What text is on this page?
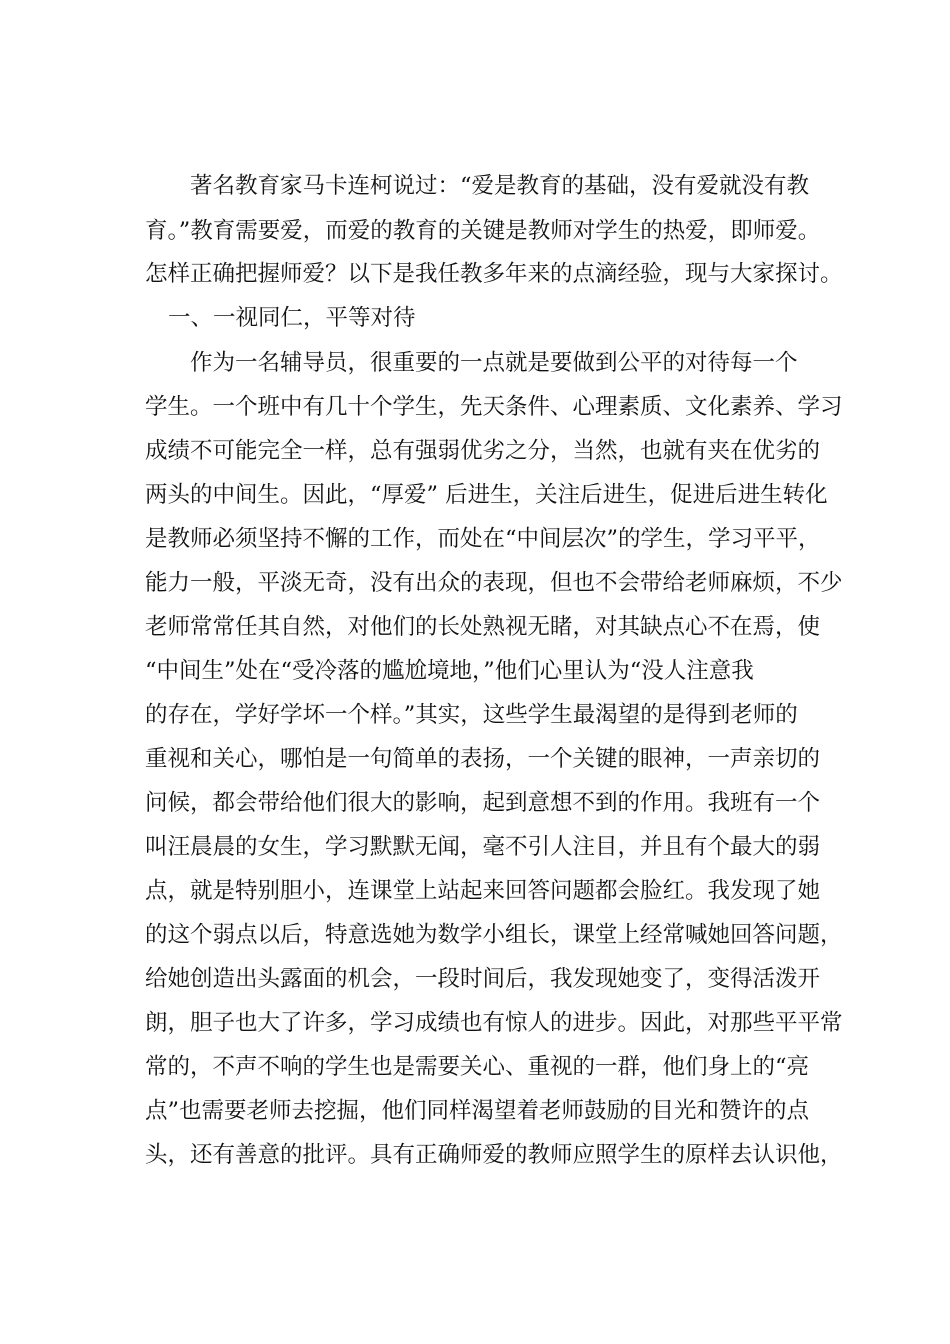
著名教育家马卡连柯说过：“爱是教育的基础，没有爱就没有教
育。”教育需要爱，而爱的教育的关键是教师对学生的热爱，即师爱。
怎样正确把握师爱？以下是我任教多年来的点滴经验，现与大家探讨。
一、一视同仁，平等对待
作为一名辅导员，很重要的一点就是要做到公平的对待每一个
学生。一个班中有几十个学生，先天条件、心理素质、文化素养、学习
成绩不可能完全一样，总有强弱优劣之分，当然，也就有夹在优劣的
两头的中间生。因此，“厚爱” 后进生，关注后进生，促进后进生转化
是教师必须坚持不懈的工作，而处在“中间层次”的学生，学习平平，
能力一般，平淡无奇，没有出众的表现，但也不会带给老师麻烦，不少
老师常常任其自然，对他们的长处熟视无睹，对其缺点心不在焉，使
“中间生”处在“受冷落的尴尬境地，”他们心里认为“没人注意我
的存在，学好学坏一个样。”其实，这些学生最渴望的是得到老师的
重视和关心，哪怕是一句简单的表扬，一个关键的眼神，一声亲切的
问候，都会带给他们很大的影响，起到意想不到的作用。我班有一个
叫汪晨晨的女生，学习默默无闻，毫不引人注目，并且有个最大的弱
点，就是特别胆小，连课堂上站起来回答问题都会脸红。我发现了她
的这个弱点以后，特意选她为数学小组长，课堂上经常喊她回答问题，
给她创造出头露面的机会，一段时间后，我发现她变了，变得活泼开
朗，胆子也大了许多，学习成绩也有惊人的进步。因此，对那些平平常
常的，不声不响的学生也是需要关心、重视的一群，他们身上的“亮
点”也需要老师去挖掘，他们同样渴望着老师鼓励的目光和赞许的点
头，还有善意的批评。具有正确师爱的教师应照学生的原样去认识他，
